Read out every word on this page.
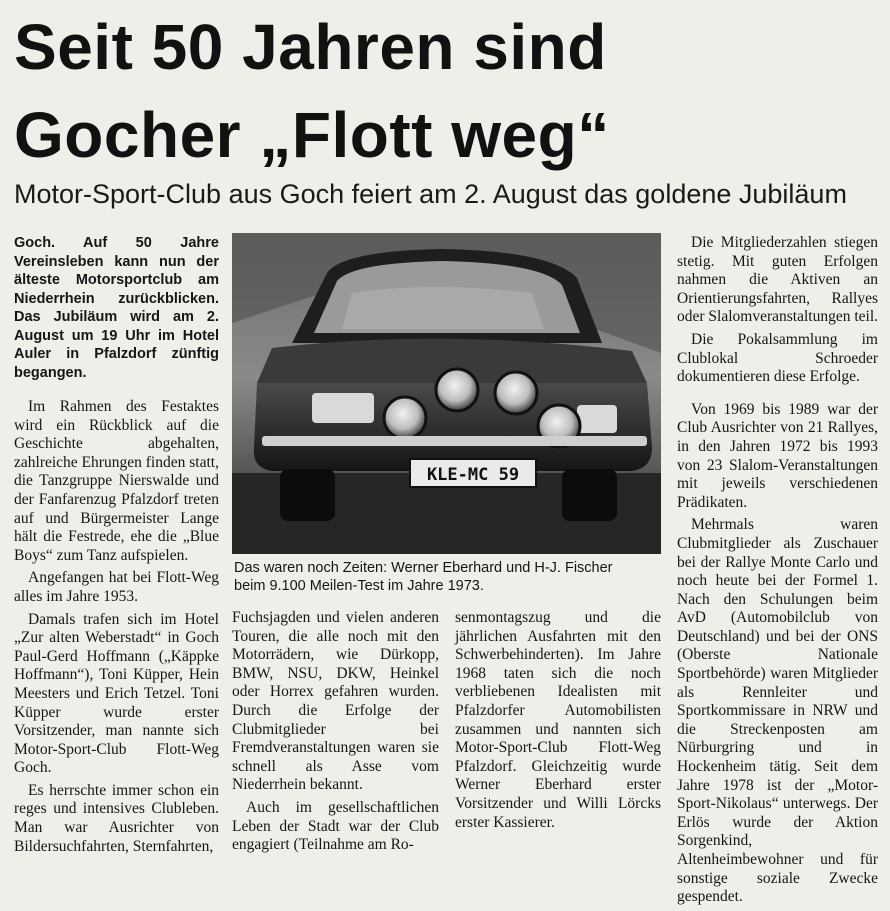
Seit 50 Jahren sind
Gocher „Flott weg“
Motor-Sport-Club aus Goch feiert am 2. August das goldene Jubiläum

Goch. Auf 50 Jahre Vereinsleben kann nun der älteste Motorsportclub am Niederrhein zurückblicken. Das Jubiläum wird am 2. August um 19 Uhr im Hotel Auler in Pfalzdorf zünftig begangen.

Im Rahmen des Festaktes wird ein Rückblick auf die Geschichte abgehalten, zahlreiche Ehrungen finden statt, die Tanzgruppe Nierswalde und der Fanfarenzug Pfalzdorf treten auf und Bürgermeister Lange hält die Festrede, ehe die „Blue Boys“ zum Tanz aufspielen.

Angefangen hat bei Flott-Weg alles im Jahre 1953.

Damals trafen sich im Hotel „Zur alten Weberstadt“ in Goch Paul-Gerd Hoffmann („Käppke Hoffmann“), Toni Küpper, Hein Meesters und Erich Tetzel. Toni Küpper wurde erster Vorsitzender, man nannte sich Motor-Sport-Club Flott-Weg Goch.

Es herrschte immer schon ein reges und intensives Clubleben. Man war Ausrichter von Bildersuchfahrten, Sternfahrten,

KLE-MC 59
Das waren noch Zeiten: Werner Eberhard und H-J. Fischer
beim 9.100 Meilen-Test im Jahre 1973.

Fuchsjagden und vielen anderen Touren, die alle noch mit den Motorrädern, wie Dürkopp, BMW, NSU, DKW, Heinkel oder Horrex gefahren wurden. Durch die Erfolge der Clubmitglieder bei Fremdveranstaltungen waren sie schnell als Asse vom Niederrhein bekannt.

Auch im gesellschaftlichen Leben der Stadt war der Club engagiert (Teilnahme am Ro-

senmontagszug und die jährlichen Ausfahrten mit den Schwerbehinderten). Im Jahre 1968 taten sich die noch verbliebenen Idealisten mit Pfalzdorfer Automobilisten zusammen und nannten sich Motor-Sport-Club Flott-Weg Pfalzdorf. Gleichzeitig wurde Werner Eberhard erster Vorsitzender und Willi Lörcks erster Kassierer.

Die Mitgliederzahlen stiegen stetig. Mit guten Erfolgen nahmen die Aktiven an Orientierungsfahrten, Rallyes oder Slalomveranstaltungen teil.

Die Pokalsammlung im Clublokal Schroeder dokumentieren diese Erfolge.

Von 1969 bis 1989 war der Club Ausrichter von 21 Rallyes, in den Jahren 1972 bis 1993 von 23 Slalom-Veranstaltungen mit jeweils verschiedenen Prädikaten.

Mehrmals waren Clubmitglieder als Zuschauer bei der Rallye Monte Carlo und noch heute bei der Formel 1. Nach den Schulungen beim AvD (Automobilclub von Deutschland) und bei der ONS (Oberste Nationale Sportbehörde) waren Mitglieder als Rennleiter und Sportkommissare in NRW und die Streckenposten am Nürburgring und in Hockenheim tätig. Seit dem Jahre 1978 ist der „Motor-Sport-Nikolaus“ unterwegs. Der Erlös wurde der Aktion Sorgenkind, Altenheimbewohner und für sonstige soziale Zwecke gespendet.
